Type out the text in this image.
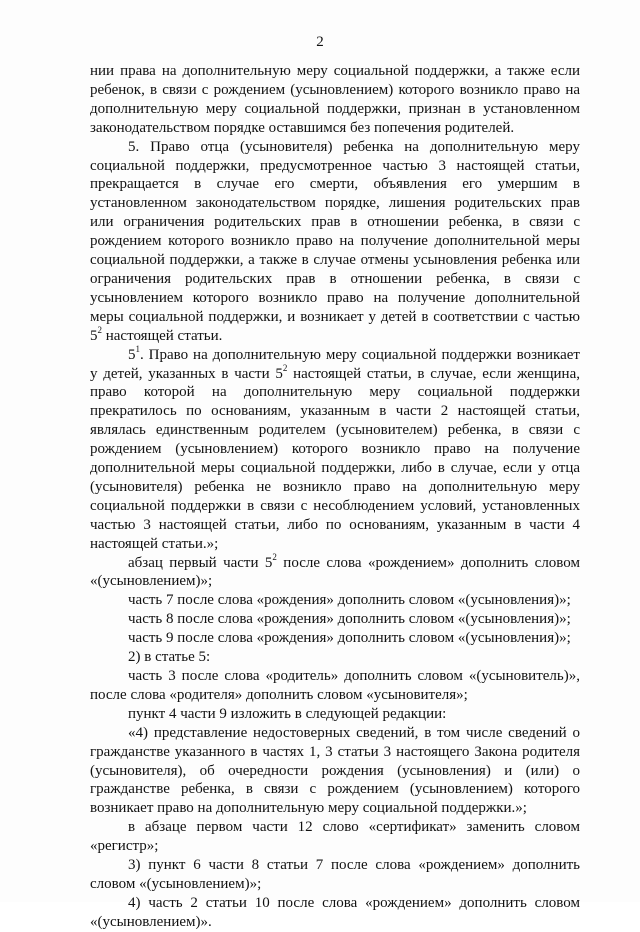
2

нии права на дополнительную меру социальной поддержки, а также если ребенок, в связи с рождением (усыновлением) которого возникло право на дополнительную меру социальной поддержки, признан в установленном законодательством порядке оставшимся без попечения родителей.

5. Право отца (усыновителя) ребенка на дополнительную меру социальной поддержки, предусмотренное частью 3 настоящей статьи, прекращается в случае его смерти, объявления его умершим в установленном законодательством порядке, лишения родительских прав или ограничения родительских прав в отношении ребенка, в связи с рождением которого возникло право на получение дополнительной меры социальной поддержки, а также в случае отмены усыновления ребенка или ограничения родительских прав в отношении ребенка, в связи с усыновлением которого возникло право на получение дополнительной меры социальной поддержки, и возникает у детей в соответствии с частью $5^2$ настоящей статьи.

$5^1$. Право на дополнительную меру социальной поддержки возникает у детей, указанных в части $5^2$ настоящей статьи, в случае, если женщина, право которой на дополнительную меру социальной поддержки прекратилось по основаниям, указанным в части 2 настоящей статьи, являлась единственным родителем (усыновителем) ребенка, в связи с рождением (усыновлением) которого возникло право на получение дополнительной меры социальной поддержки, либо в случае, если у отца (усыновителя) ребенка не возникло право на дополнительную меру социальной поддержки в связи с несоблюдением условий, установленных частью 3 настоящей статьи, либо по основаниям, указанным в части 4 настоящей статьи.»;

абзац первый части $5^2$ после слова «рождением» дополнить словом «(усыновлением)»;

часть 7 после слова «рождения» дополнить словом «(усыновления)»;

часть 8 после слова «рождения» дополнить словом «(усыновления)»;

часть 9 после слова «рождения» дополнить словом «(усыновления)»;

2) в статье 5:

часть 3 после слова «родитель» дополнить словом «(усыновитель)», после слова «родителя» дополнить словом «усыновителя»;

пункт 4 части 9 изложить в следующей редакции:

«4) представление недостоверных сведений, в том числе сведений о гражданстве указанного в частях 1, 3 статьи 3 настоящего Закона родителя (усыновителя), об очередности рождения (усыновления) и (или) о гражданстве ребенка, в связи с рождением (усыновлением) которого возникает право на дополнительную меру социальной поддержки.»;

в абзаце первом части 12 слово «сертификат» заменить словом «регистр»;

3) пункт 6 части 8 статьи 7 после слова «рождением» дополнить словом «(усыновлением)»;

4) часть 2 статьи 10 после слова «рождением» дополнить словом «(усыновлением)».
